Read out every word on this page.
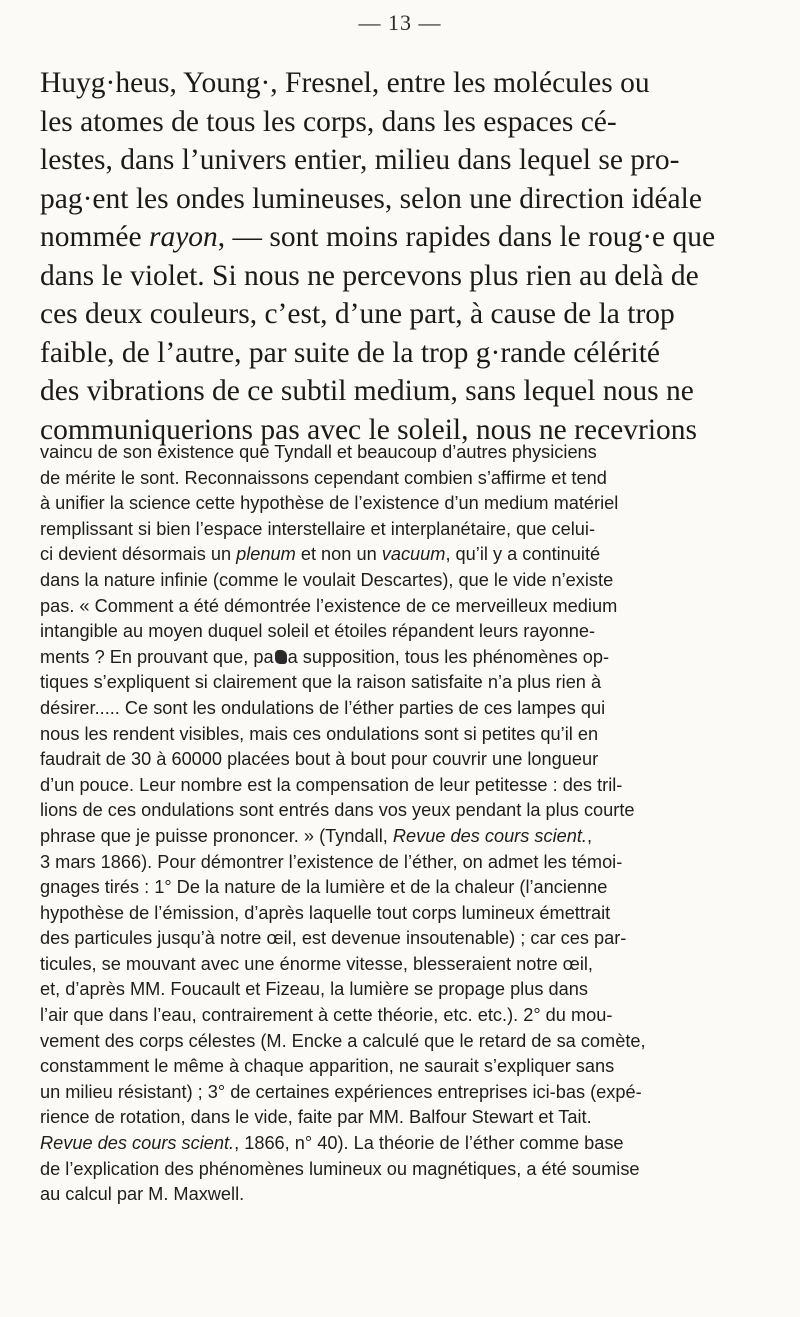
— 13 —
Huyg·heus, Young·, Fresnel, entre les molécules ou
les atomes de tous les corps, dans les espaces cé-
lestes, dans l’univers entier, milieu dans lequel se pro-
pag·ent les ondes lumineuses, selon une direction idéale
nommée rayon, — sont moins rapides dans le roug·e que
dans le violet. Si nous ne percevons plus rien au delà de
ces deux couleurs, c’est, d’une part, à cause de la trop
faible, de l’autre, par suite de la trop g·rande célérité
des vibrations de ce subtil medium, sans lequel nous ne
communiquerions pas avec le soleil, nous ne recevrions
vaincu de son existence que Tyndall et beaucoup d’autres physiciens
de mérite le sont. Reconnaissons cependant combien s’affirme et tend
à unifier la science cette hypothèse de l’existence d’un medium matériel
remplissant si bien l’espace interstellaire et interplanétaire, que celui-
ci devient désormais un plenum et non un vacuum, qu’il y a continuité
dans la nature infinie (comme le voulait Descartes), que le vide n’existe
pas. « Comment a été démontrée l’existence de ce merveilleux medium
intangible au moyen duquel soleil et étoiles répandent leurs rayonne-
ments ? En prouvant que, pa a supposition, tous les phénomènes op-
tiques s’expliquent si clairement que la raison satisfaite n’a plus rien à
désirer..... Ce sont les ondulations de l’éther parties de ces lampes qui
nous les rendent visibles, mais ces ondulations sont si petites qu’il en
faudrait de 30 à 60000 placées bout à bout pour couvrir une longueur
d’un pouce. Leur nombre est la compensation de leur petitesse : des tril-
lions de ces ondulations sont entrés dans vos yeux pendant la plus courte
phrase que je puisse prononcer. » (Tyndall, Revue des cours scient.,
3 mars 1866). Pour démontrer l’existence de l’éther, on admet les témoi-
gnages tirés : 1° De la nature de la lumière et de la chaleur (l’ancienne
hypothèse de l’émission, d’après laquelle tout corps lumineux émettrait
des particules jusqu’à notre œil, est devenue insoutenable) ; car ces par-
ticules, se mouvant avec une énorme vitesse, blesseraient notre œil,
et, d’après MM. Foucault et Fizeau, la lumière se propage plus dans
l’air que dans l’eau, contrairement à cette théorie, etc. etc.). 2° du mou-
vement des corps célestes (M. Encke a calculé que le retard de sa comète,
constamment le même à chaque apparition, ne saurait s’expliquer sans
un milieu résistant) ; 3° de certaines expériences entreprises ici-bas (expé-
rience de rotation, dans le vide, faite par MM. Balfour Stewart et Tait.
Revue des cours scient., 1866, n° 40). La théorie de l’éther comme base
de l’explication des phénomènes lumineux ou magnétiques, a été soumise
au calcul par M. Maxwell.
